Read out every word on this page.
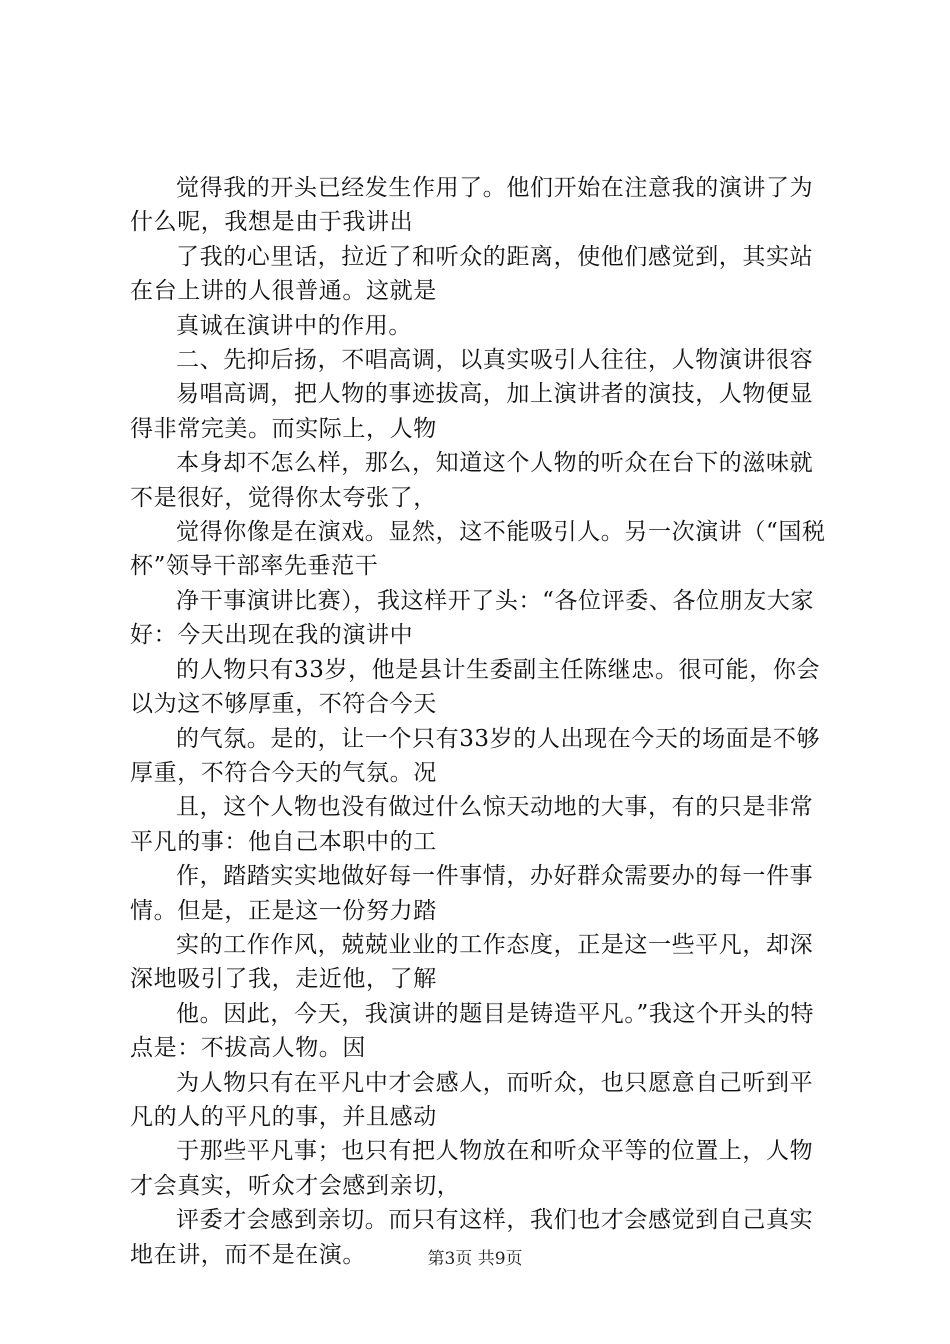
觉得我的开头已经发生作用了。他们开始在注意我的演讲了为什么呢，我想是由于我讲出

了我的心里话，拉近了和听众的距离，使他们感觉到，其实站在台上讲的人很普通。这就是

真诚在演讲中的作用。

二、先抑后扬，不唱高调，以真实吸引人往往，人物演讲很容

易唱高调，把人物的事迹拔高，加上演讲者的演技，人物便显得非常完美。而实际上，人物

本身却不怎么样，那么，知道这个人物的听众在台下的滋味就不是很好，觉得你太夸张了，

觉得你像是在演戏。显然，这不能吸引人。另一次演讲（“国税杯”领导干部率先垂范干

净干事演讲比赛），我这样开了头：“各位评委、各位朋友大家好：今天出现在我的演讲中

的人物只有33岁，他是县计生委副主任陈继忠。很可能，你会以为这不够厚重，不符合今天

的气氛。是的，让一个只有33岁的人出现在今天的场面是不够厚重，不符合今天的气氛。况

且，这个人物也没有做过什么惊天动地的大事，有的只是非常平凡的事：他自己本职中的工

作，踏踏实实地做好每一件事情，办好群众需要办的每一件事情。但是，正是这一份努力踏

实的工作作风，兢兢业业的工作态度，正是这一些平凡，却深深地吸引了我，走近他，了解

他。因此，今天，我演讲的题目是铸造平凡。”我这个开头的特点是：不拔高人物。因

为人物只有在平凡中才会感人，而听众，也只愿意自己听到平凡的人的平凡的事，并且感动

于那些平凡事；也只有把人物放在和听众平等的位置上，人物才会真实，听众才会感到亲切，

评委才会感到亲切。而只有这样，我们也才会感觉到自己真实地在讲，而不是在演。	第3页 共9页
